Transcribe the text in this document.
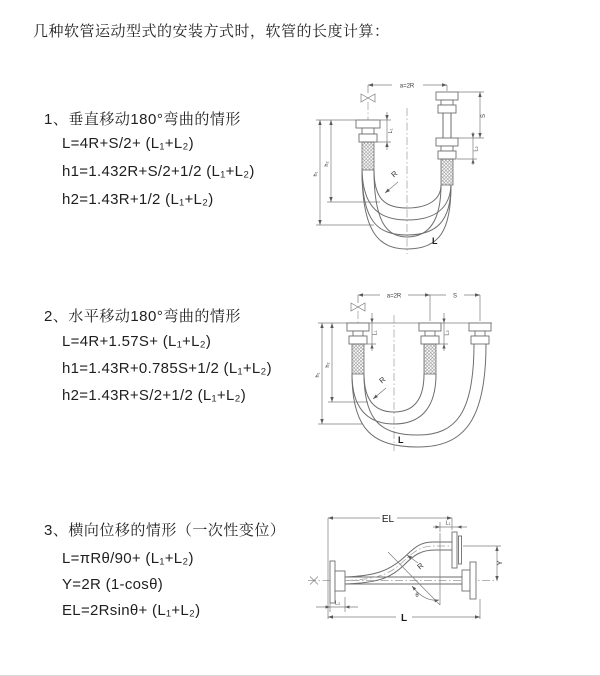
几种软管运动型式的安装方式时，软管的长度计算：
1、垂直移动180°弯曲的情形

L=4R+S/2+ (L₁+L₂)

h1=1.432R+S/2+1/2 (L₁+L₂)

h2=1.43R+1/2 (L₁+L₂)

2、水平移动180°弯曲的情形

L=4R+1.57S+ (L₁+L₂)

h1=1.43R+0.785S+1/2 (L₁+L₂)

h2=1.43R+S/2+1/2 (L₁+L₂)

3、横向位移的情形（一次性变位）

L=πRθ/90+ (L₁+L₂)

Y=2R (1-cosθ)

EL=2Rsinθ+ (L₁+L₂)

a=2R
L₁
S
L₂
h₁
h₂
R
L
a=2R	S
L₁	L₂
h₁
h₂
R
L
EL	L₁
Y
R
θ
L₂
L
